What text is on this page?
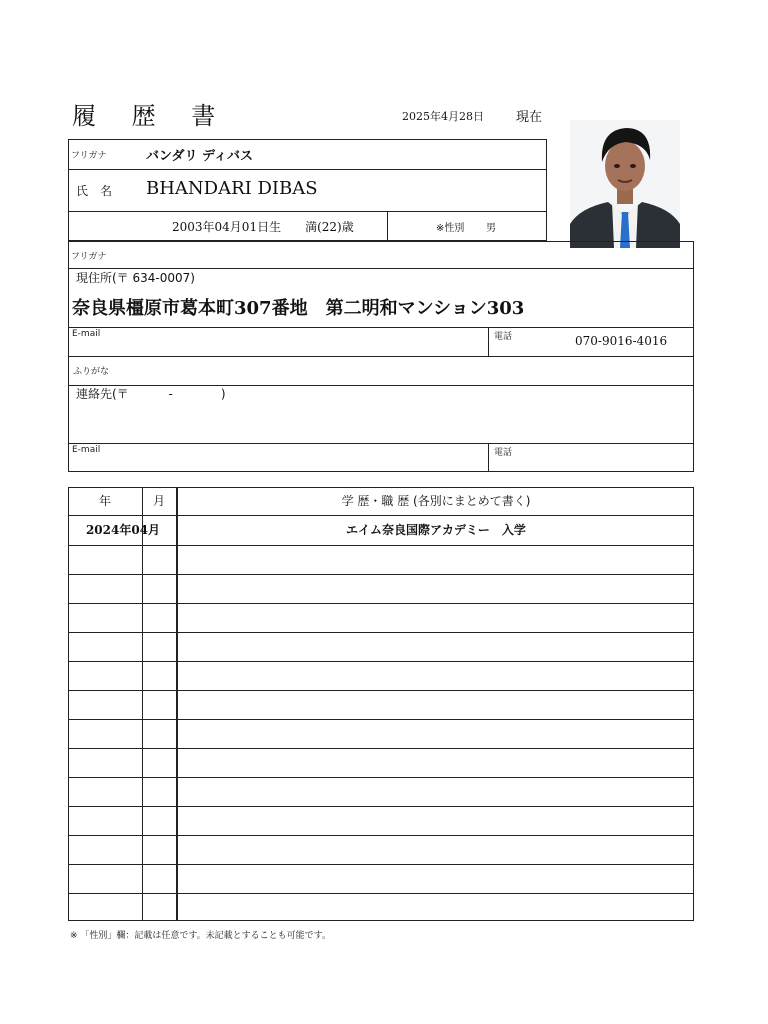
履 歴 書	2025年4月28日 現在
フリガナ	バンダリ ディバス
氏　名 BHANDARI DIBAS
2003年04月01日生　　満(22)歳	※性別 男
フリガナ
現住所(〒 634-0007)
奈良県橿原市葛本町307番地　第二明和マンション303
E-mail	電話	070-9016-4016
ふりがな
連絡先(〒　　　 -　　　　)
E-mail	電話
年	月	学 歴・職 歴 (各別にまとめて書く)
2024年04月	エイム奈良国際アカデミー　入学
※ 「性別」欄：記載は任意です。未記載とすることも可能です。
